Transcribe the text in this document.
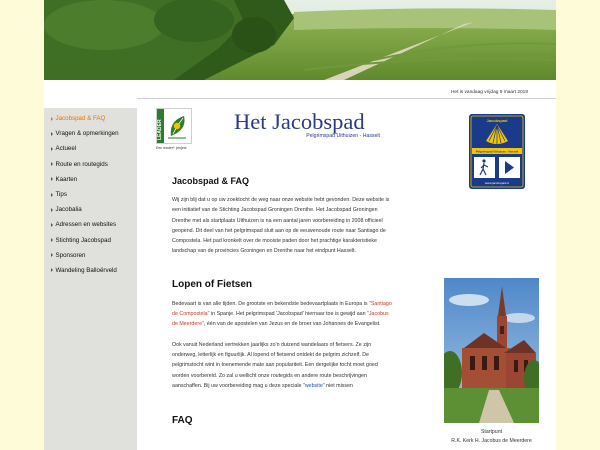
Jacobspad & FAQ
Vragen & opmerkingen
Actueel
Route en routegids
Kaarten
Tips
Jacobalia
Adressen en websites
Stichting Jacobspad
Sponsoren
Wandeling Balloërveld
Het is vandaag vrijdag 9 maart 2018
LEADER
Een leader+ project
Het Jacobspad
Pelgrimspad Uithuizen - Hasselt
Jacobspad
Pelgrimspad Uithuizen - Hasselt
www.jacobspad.nl
Jacobspad & FAQ

Wij zijn blij dat u op uw zoektocht de weg naar onze website hebt gevonden. Deze website is een initiatief van de Stichting Jacobspad Groningen Drenthe. Het Jacobspad Groningen Drenthe met als startplaats Uithuizen is na een aantal jaren voorbereiding in 2008 officieel geopend. Dit deel van het pelgrimspad sluit aan op de eeuwenoude route naar Santiago de Compostela. Het pad kronkelt over de mooiste paden door het prachtige karakteristieke landschap van de provincies Groningen en Drenthe naar het eindpunt Hasselt.

Lopen of Fietsen

Bedevaart is van alle tijden. De grootste en bekendste bedevaartplaats in Europa is "Santiago de Compostela" in Spanje. Het pelgrimspad 'Jacobspad' hiernaar toe is gewijd aan "Jacobus de Meerdere", één van de apostelen van Jezus en de broer van Johannes de Evangelist.

Ook vanuit Nederland vertrekken jaarlijks zo'n duizend wandelaars of fietsers. Ze zijn onderweg, letterlijk en figuurlijk. Al lopend of fietsend ontdekt de pelgrim zichzelf. De pelgrimstocht wint in toenemende mate aan populariteit. Een dergelijke tocht moet goed worden voorbereid. Zo zal u wellicht onze routegids en andere route beschrijvingen aanschaffen. Bij uw voorbereiding mag u deze speciale "website" niet missen

FAQ
Startpunt
R.K. Kerk H. Jacobus de Meerdere
